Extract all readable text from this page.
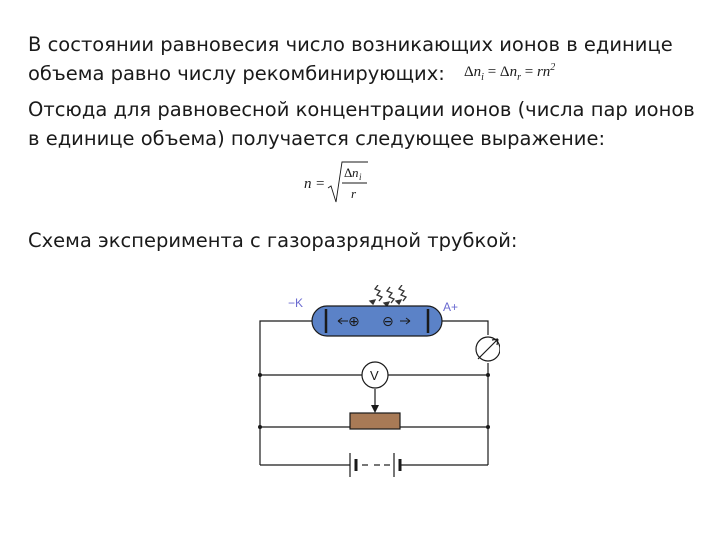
В состоянии равновесия число возникающих ионов в единице
объема равно числу рекомбинирующих: $\Delta n_i = \Delta n_r = rn^2$
Отсюда для равновесной концентрации ионов (числа пар ионов
в единице объема) получается следующее выражение:
n =
Δ n i
r
Схема эксперимента с газоразрядной трубкой:
⊕ ⊖
−K	A+
V
